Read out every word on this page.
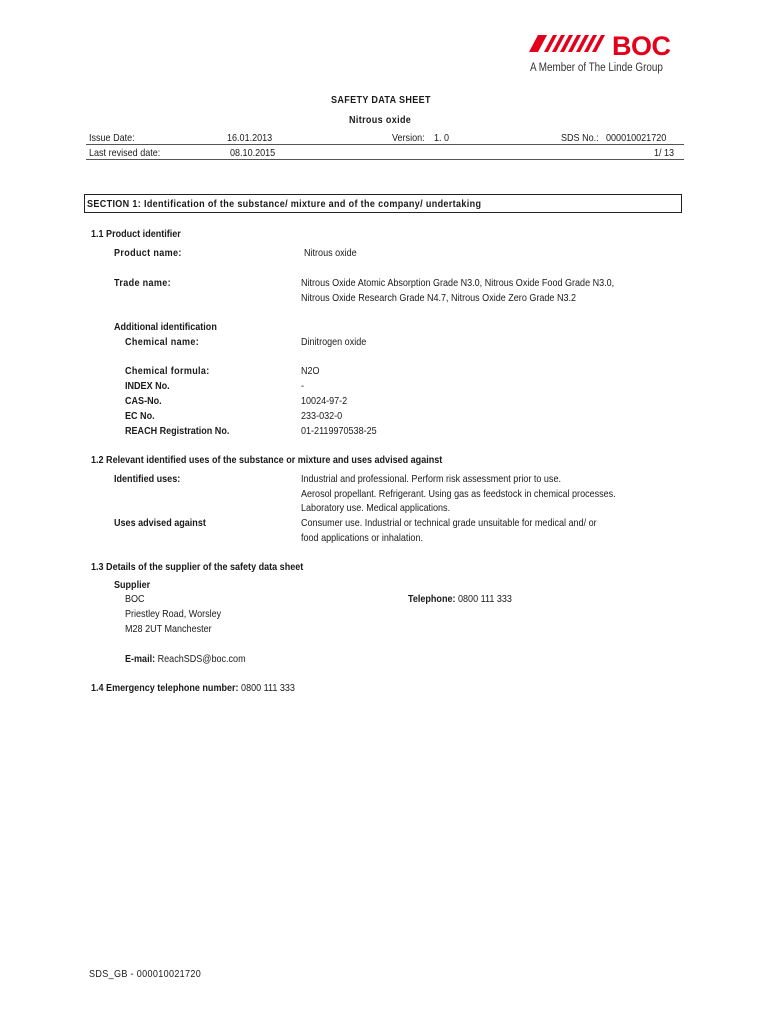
BOC
A Member of The Linde Group
SAFETY DATA SHEET
Nitrous oxide
Issue Date:	16.01.2013	Version: 1. 0	SDS No.: 000010021720
Last revised date:	08.10.2015	1/ 13
SECTION 1: Identification of the substance/ mixture and of the company/ undertaking
1.1 Product identifier
Product name:	Nitrous oxide
Trade name:	Nitrous Oxide Atomic Absorption Grade N3.0, Nitrous Oxide Food Grade N3.0,
Nitrous Oxide Research Grade N4.7, Nitrous Oxide Zero Grade N3.2
Additional identification
Chemical name:	Dinitrogen oxide
Chemical formula:	N2O
INDEX No.	-
CAS-No.	10024-97-2
EC No.	233-032-0
REACH Registration No.	01-2119970538-25
1.2 Relevant identified uses of the substance or mixture and uses advised against
Identified uses:	Industrial and professional. Perform risk assessment prior to use.
Aerosol propellant. Refrigerant. Using gas as feedstock in chemical processes.
Laboratory use. Medical applications.
Uses advised against	Consumer use. Industrial or technical grade unsuitable for medical and/ or
food applications or inhalation.
1.3 Details of the supplier of the safety data sheet
Supplier
BOC
Priestley Road, Worsley
M28 2UT Manchester
Telephone: 0800 111 333
E-mail: ReachSDS@boc.com
1.4 Emergency telephone number: 0800 111 333
SDS_GB - 000010021720
